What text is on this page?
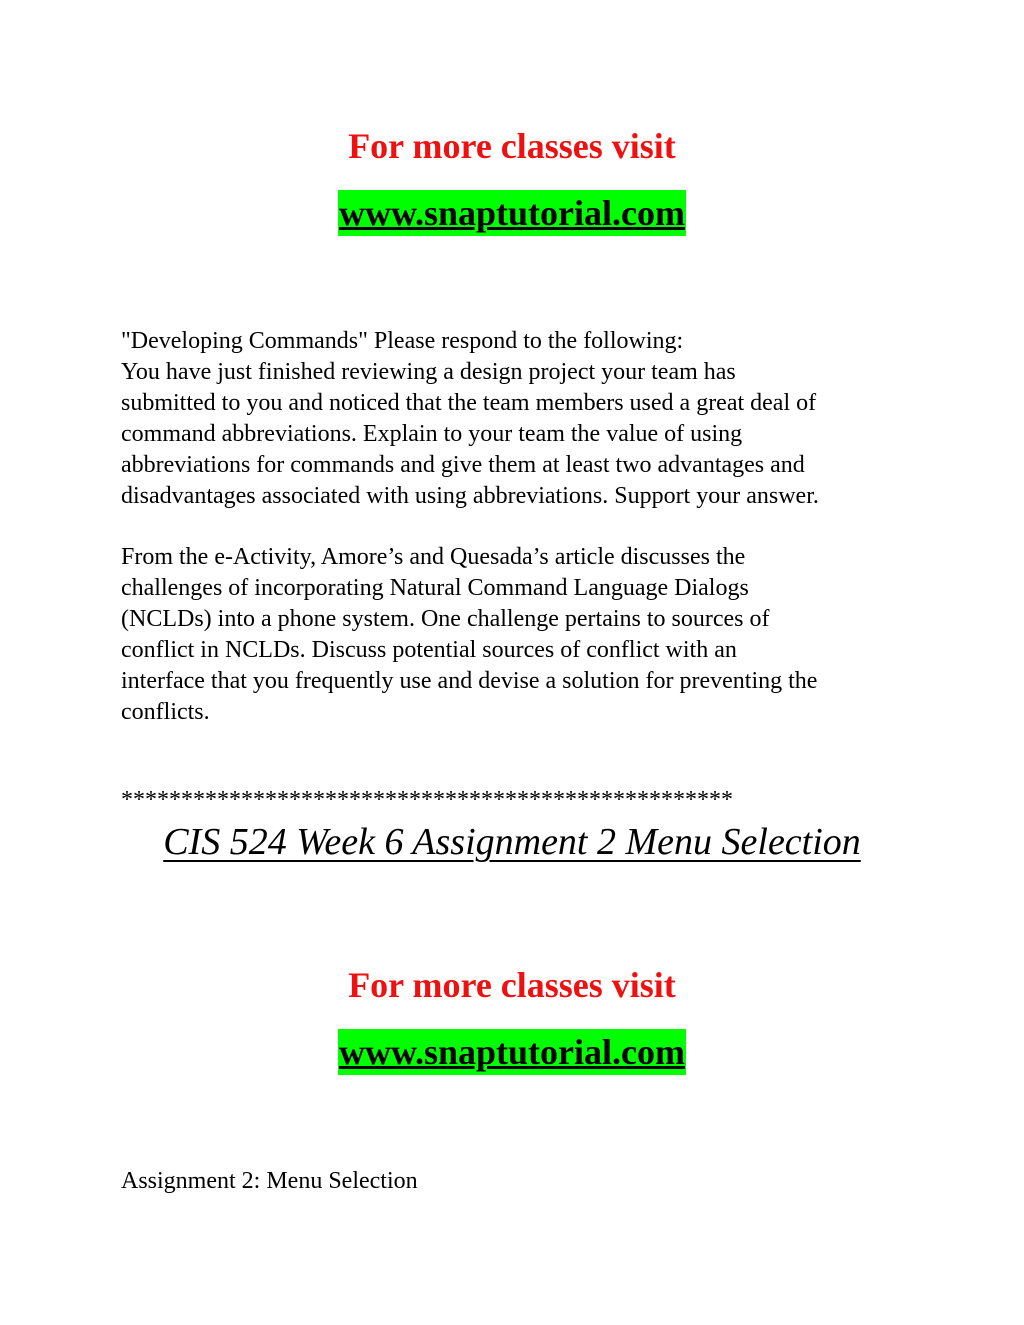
For more classes visit
www.snaptutorial.com
"Developing Commands" Please respond to the following:
You have just finished reviewing a design project your team has
submitted to you and noticed that the team members used a great deal of
command abbreviations. Explain to your team the value of using
abbreviations for commands and give them at least two advantages and
disadvantages associated with using abbreviations. Support your answer.
From the e-Activity, Amore’s and Quesada’s article discusses the
challenges of incorporating Natural Command Language Dialogs
(NCLDs) into a phone system. One challenge pertains to sources of
conflict in NCLDs. Discuss potential sources of conflict with an
interface that you frequently use and devise a solution for preventing the
conflicts.
***************************************************
CIS 524 Week 6 Assignment 2 Menu Selection
For more classes visit
www.snaptutorial.com
Assignment 2: Menu Selection
